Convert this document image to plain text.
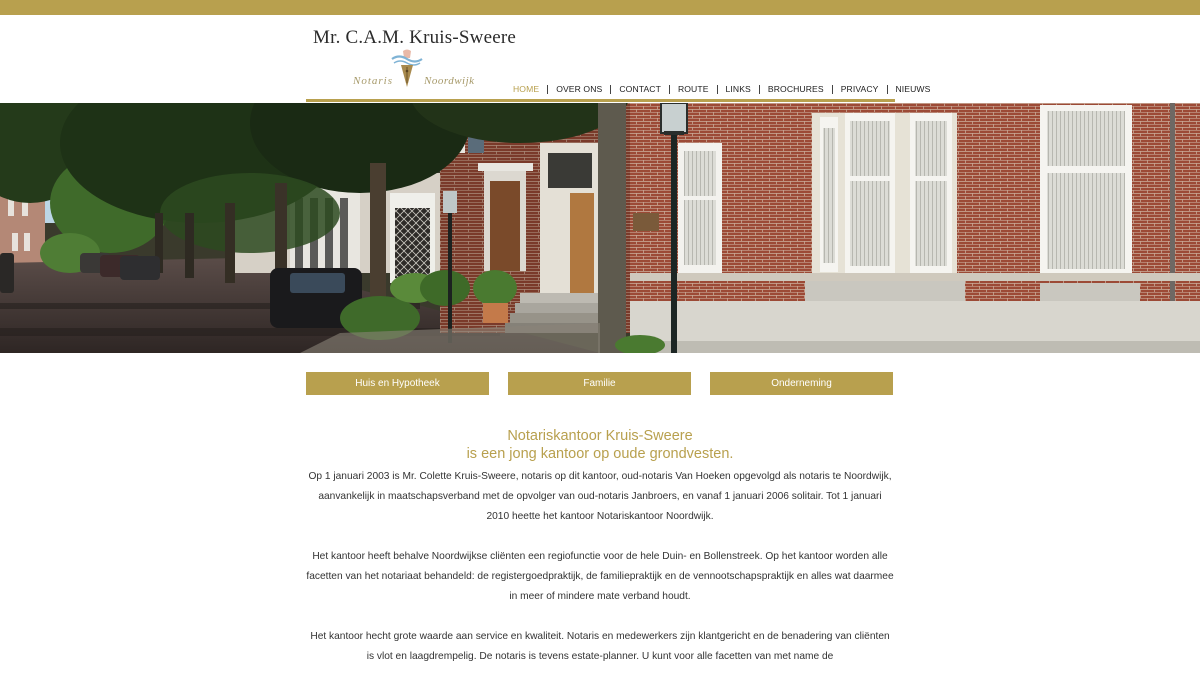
Mr. C.A.M. Kruis-Sweere
Notaris	Noordwijk
HOME OVER ONS CONTACT ROUTE LINKS BROCHURES PRIVACY NIEUWS
Huis en Hypotheek	Familie	Onderneming
Notariskantoor Kruis-Sweere
is een jong kantoor op oude grondvesten.

Op 1 januari 2003 is Mr. Colette Kruis-Sweere, notaris op dit kantoor, oud-notaris Van Hoeken opgevolgd als notaris te Noordwijk, aanvankelijk in maatschapsverband met de opvolger van oud-notaris Janbroers, en vanaf 1 januari 2006 solitair. Tot 1 januari 2010 heette het kantoor Notariskantoor Noordwijk.

Het kantoor heeft behalve Noordwijkse cliënten een regiofunctie voor de hele Duin- en Bollenstreek. Op het kantoor worden alle facetten van het notariaat behandeld: de registergoedpraktijk, de familiepraktijk en de vennootschapspraktijk en alles wat daarmee in meer of mindere mate verband houdt.

Het kantoor hecht grote waarde aan service en kwaliteit. Notaris en medewerkers zijn klantgericht en de benadering van cliënten is vlot en laagdrempelig. De notaris is tevens estate-planner. U kunt voor alle facetten van met name de
